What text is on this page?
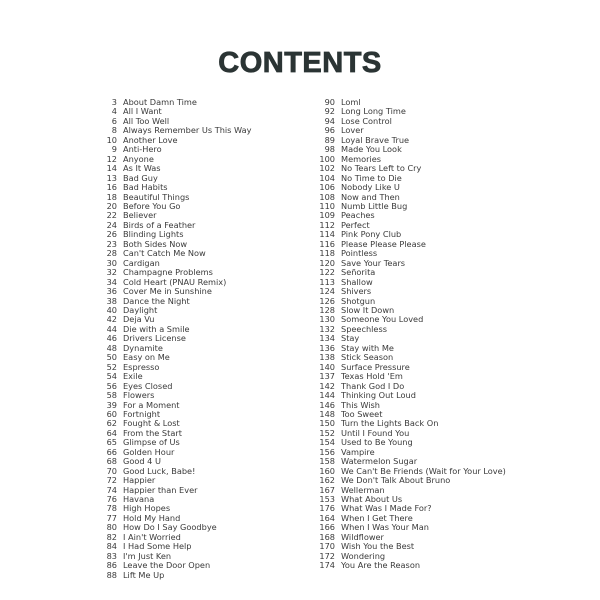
CONTENTS
3 About Damn Time
4 All I Want
6 All Too Well
8 Always Remember Us This Way
10 Another Love
9 Anti-Hero
12 Anyone
14 As It Was
13 Bad Guy
16 Bad Habits
18 Beautiful Things
20 Before You Go
22 Believer
24 Birds of a Feather
26 Blinding Lights
23 Both Sides Now
28 Can't Catch Me Now
30 Cardigan
32 Champagne Problems
34 Cold Heart (PNAU Remix)
36 Cover Me in Sunshine
38 Dance the Night
40 Daylight
42 Deja Vu
44 Die with a Smile
46 Drivers License
48 Dynamite
50 Easy on Me
52 Espresso
54 Exile
56 Eyes Closed
58 Flowers
39 For a Moment
60 Fortnight
62 Fought & Lost
64 From the Start
65 Glimpse of Us
66 Golden Hour
68 Good 4 U
70 Good Luck, Babe!
72 Happier
74 Happier than Ever
76 Havana
78 High Hopes
77 Hold My Hand
80 How Do I Say Goodbye
82 I Ain't Worried
84 I Had Some Help
83 I'm Just Ken
86 Leave the Door Open
88 Lift Me Up
90 Loml
92 Long Long Time
94 Lose Control
96 Lover
89 Loyal Brave True
98 Made You Look
100 Memories
102 No Tears Left to Cry
104 No Time to Die
106 Nobody Like U
108 Now and Then
110 Numb Little Bug
109 Peaches
112 Perfect
114 Pink Pony Club
116 Please Please Please
118 Pointless
120 Save Your Tears
122 Señorita
113 Shallow
124 Shivers
126 Shotgun
128 Slow It Down
130 Someone You Loved
132 Speechless
134 Stay
136 Stay with Me
138 Stick Season
140 Surface Pressure
137 Texas Hold 'Em
142 Thank God I Do
144 Thinking Out Loud
146 This Wish
148 Too Sweet
150 Turn the Lights Back On
152 Until I Found You
154 Used to Be Young
156 Vampire
158 Watermelon Sugar
160 We Can't Be Friends (Wait for Your Love)
162 We Don't Talk About Bruno
167 Wellerman
153 What About Us
176 What Was I Made For?
164 When I Get There
166 When I Was Your Man
168 Wildflower
170 Wish You the Best
172 Wondering
174 You Are the Reason
